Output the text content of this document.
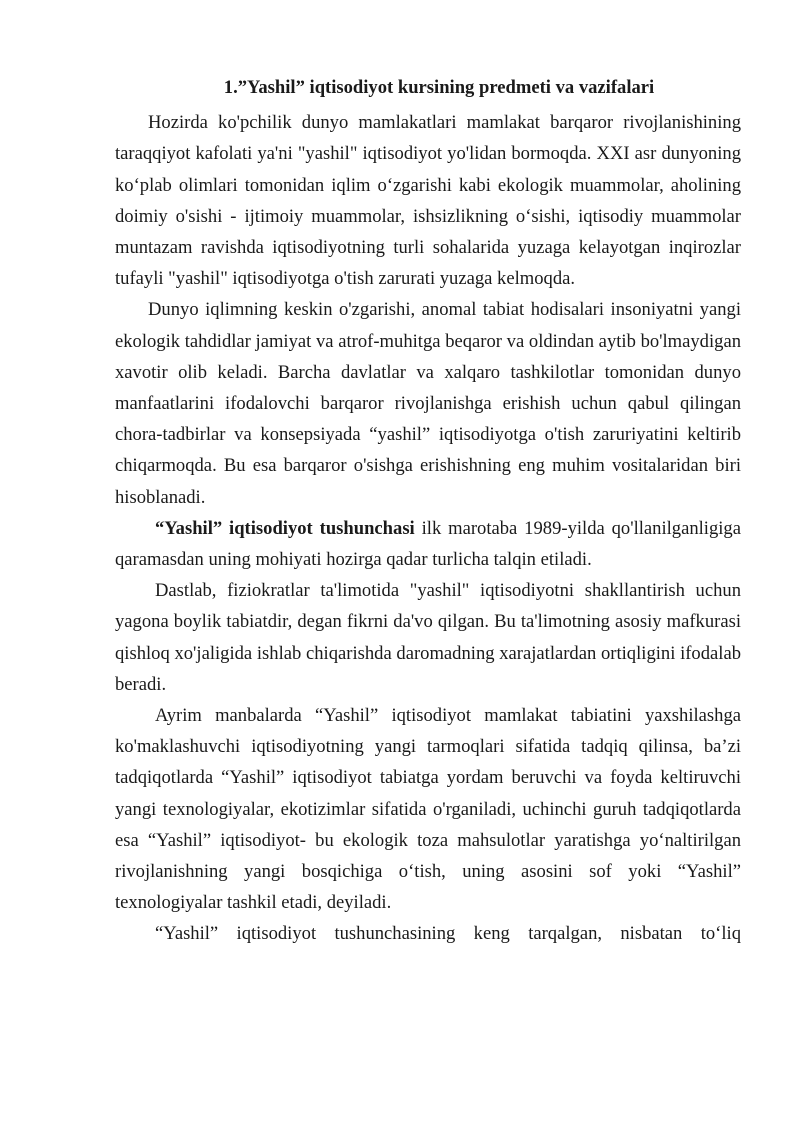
1.”Yashil” iqtisodiyot kursining predmeti va vazifalari

Hozirda ko'pchilik dunyo mamlakatlari mamlakat barqaror rivojlanishining taraqqiyot kafolati ya'ni "yashil" iqtisodiyot yo'lidan bormoqda. XXI asr dunyoning ko‘plab olimlari tomonidan iqlim o‘zgarishi kabi ekologik muammolar, aholining doimiy o'sishi - ijtimoiy muammolar, ishsizlikning o‘sishi, iqtisodiy muammolar muntazam ravishda iqtisodiyotning turli sohalarida yuzaga kelayotgan inqirozlar tufayli "yashil" iqtisodiyotga o'tish zarurati yuzaga kelmoqda.

Dunyo iqlimning keskin o'zgarishi, anomal tabiat hodisalari insoniyatni yangi ekologik tahdidlar jamiyat va atrof-muhitga beqaror va oldindan aytib bo'lmaydigan xavotir olib keladi. Barcha davlatlar va xalqaro tashkilotlar tomonidan dunyo manfaatlarini ifodalovchi barqaror rivojlanishga erishish uchun qabul qilingan chora-tadbirlar va konsepsiyada “yashil” iqtisodiyotga o'tish zaruriyatini keltirib chiqarmoqda. Bu esa barqaror o'sishga erishishning eng muhim vositalaridan biri hisoblanadi.

“Yashil” iqtisodiyot tushunchasi ilk marotaba 1989-yilda qo'llanilganligiga qaramasdan uning mohiyati hozirga qadar turlicha talqin etiladi.

Dastlab, fiziokratlar ta'limotida "yashil" iqtisodiyotni shakllantirish uchun yagona boylik tabiatdir, degan fikrni da'vo qilgan. Bu ta'limotning asosiy mafkurasi qishloq xo'jaligida ishlab chiqarishda daromadning xarajatlardan ortiqligini ifodalab beradi.

Ayrim manbalarda “Yashil” iqtisodiyot mamlakat tabiatini yaxshilashga ko'maklashuvchi iqtisodiyotning yangi tarmoqlari sifatida tadqiq qilinsa, ba’zi tadqiqotlarda “Yashil” iqtisodiyot tabiatga yordam beruvchi va foyda keltiruvchi yangi texnologiyalar, ekotizimlar sifatida o'rganiladi, uchinchi guruh tadqiqotlarda esa “Yashil” iqtisodiyot- bu ekologik toza mahsulotlar yaratishga yo‘naltirilgan rivojlanishning yangi bosqichiga o‘tish, uning asosini sof yoki “Yashil” texnologiyalar tashkil etadi, deyiladi.

“Yashil” iqtisodiyot tushunchasining keng tarqalgan, nisbatan to‘liq
